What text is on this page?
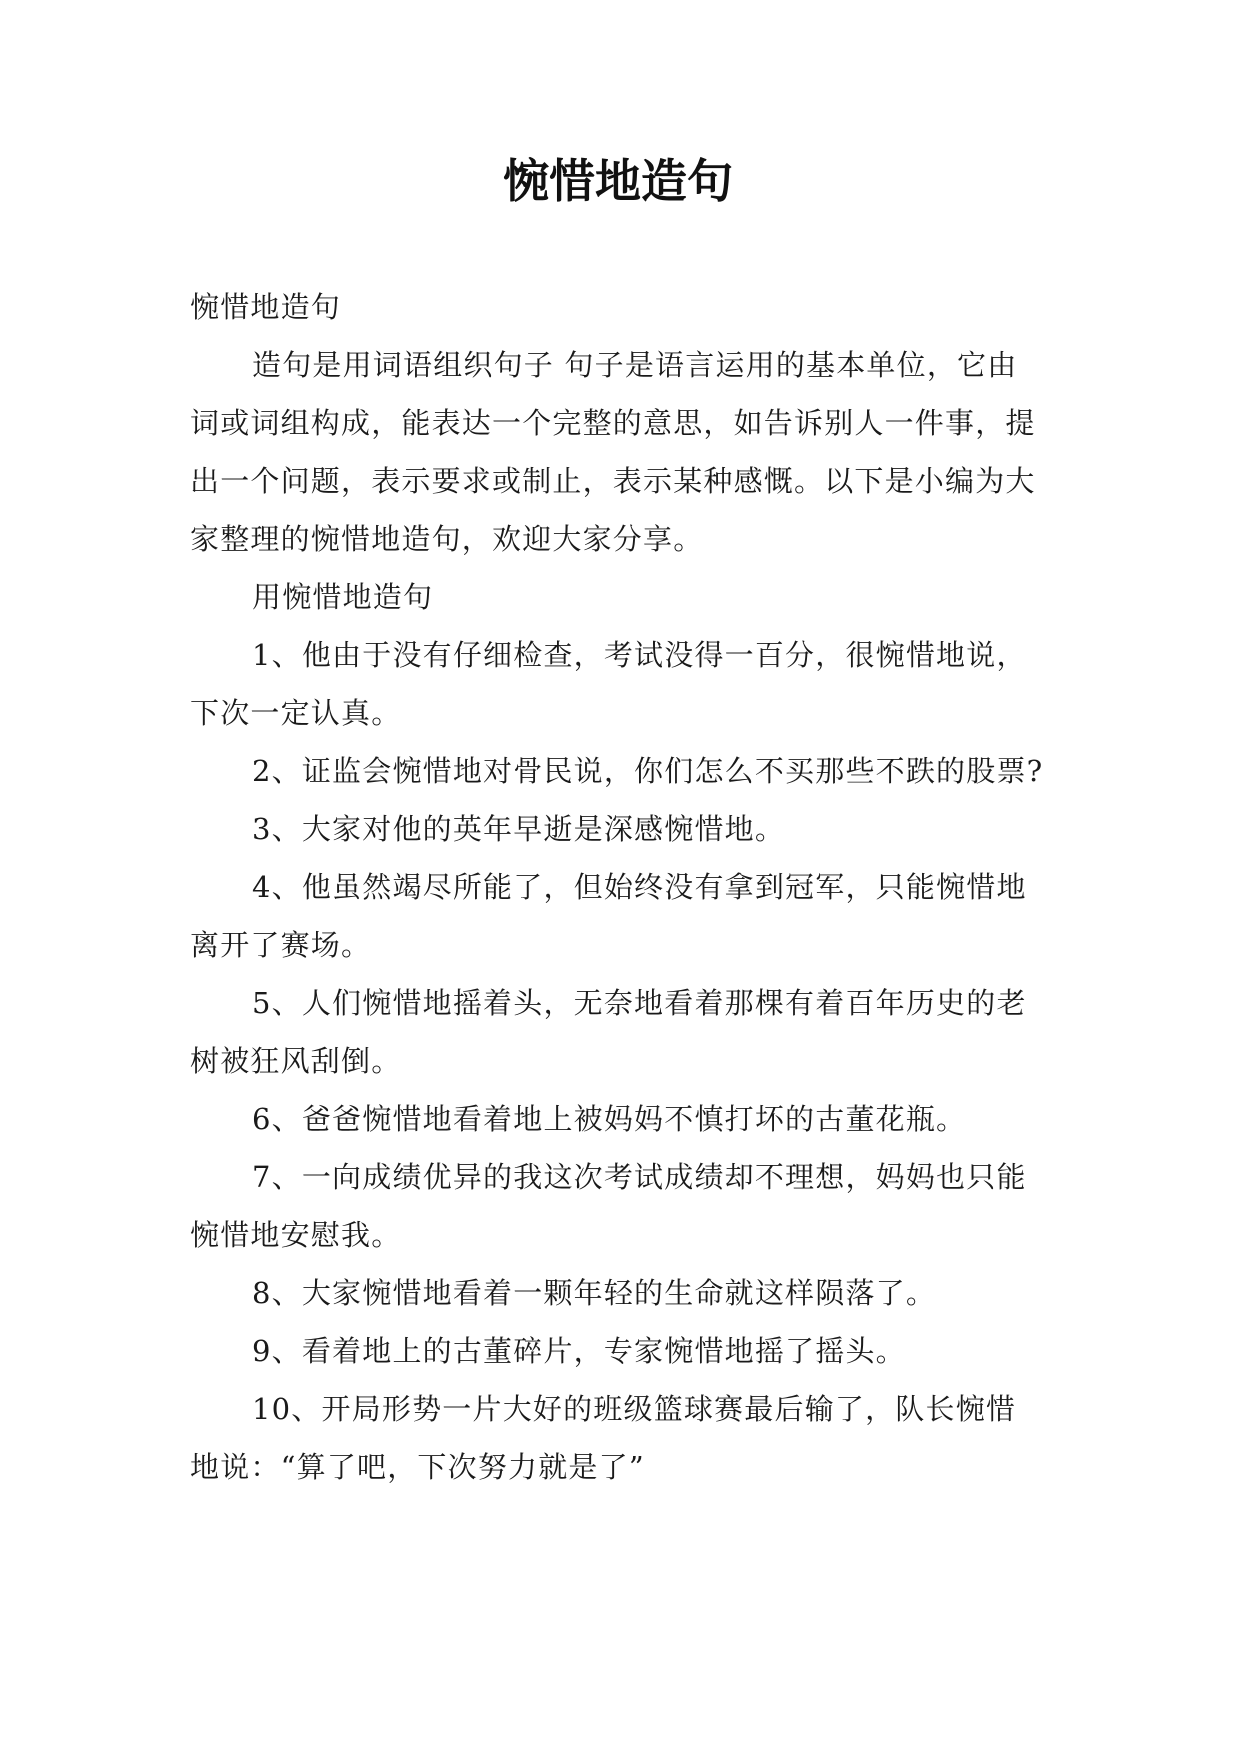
惋惜地造句

惋惜地造句

造句是用词语组织句子 句子是语言运用的基本单位，它由词或词组构成，能表达一个完整的意思，如告诉别人一件事，提出一个问题，表示要求或制止，表示某种感慨。以下是小编为大家整理的惋惜地造句，欢迎大家分享。

用惋惜地造句

1、他由于没有仔细检查，考试没得一百分，很惋惜地说，下次一定认真。

2、证监会惋惜地对骨民说，你们怎么不买那些不跌的股票?

3、大家对他的英年早逝是深感惋惜地。

4、他虽然竭尽所能了，但始终没有拿到冠军，只能惋惜地离开了赛场。

5、人们惋惜地摇着头，无奈地看着那棵有着百年历史的老树被狂风刮倒。

6、爸爸惋惜地看着地上被妈妈不慎打坏的古董花瓶。

7、一向成绩优异的我这次考试成绩却不理想，妈妈也只能惋惜地安慰我。

8、大家惋惜地看着一颗年轻的生命就这样陨落了。

9、看着地上的古董碎片，专家惋惜地摇了摇头。

10、开局形势一片大好的班级篮球赛最后输了，队长惋惜地说：“算了吧，下次努力就是了”
